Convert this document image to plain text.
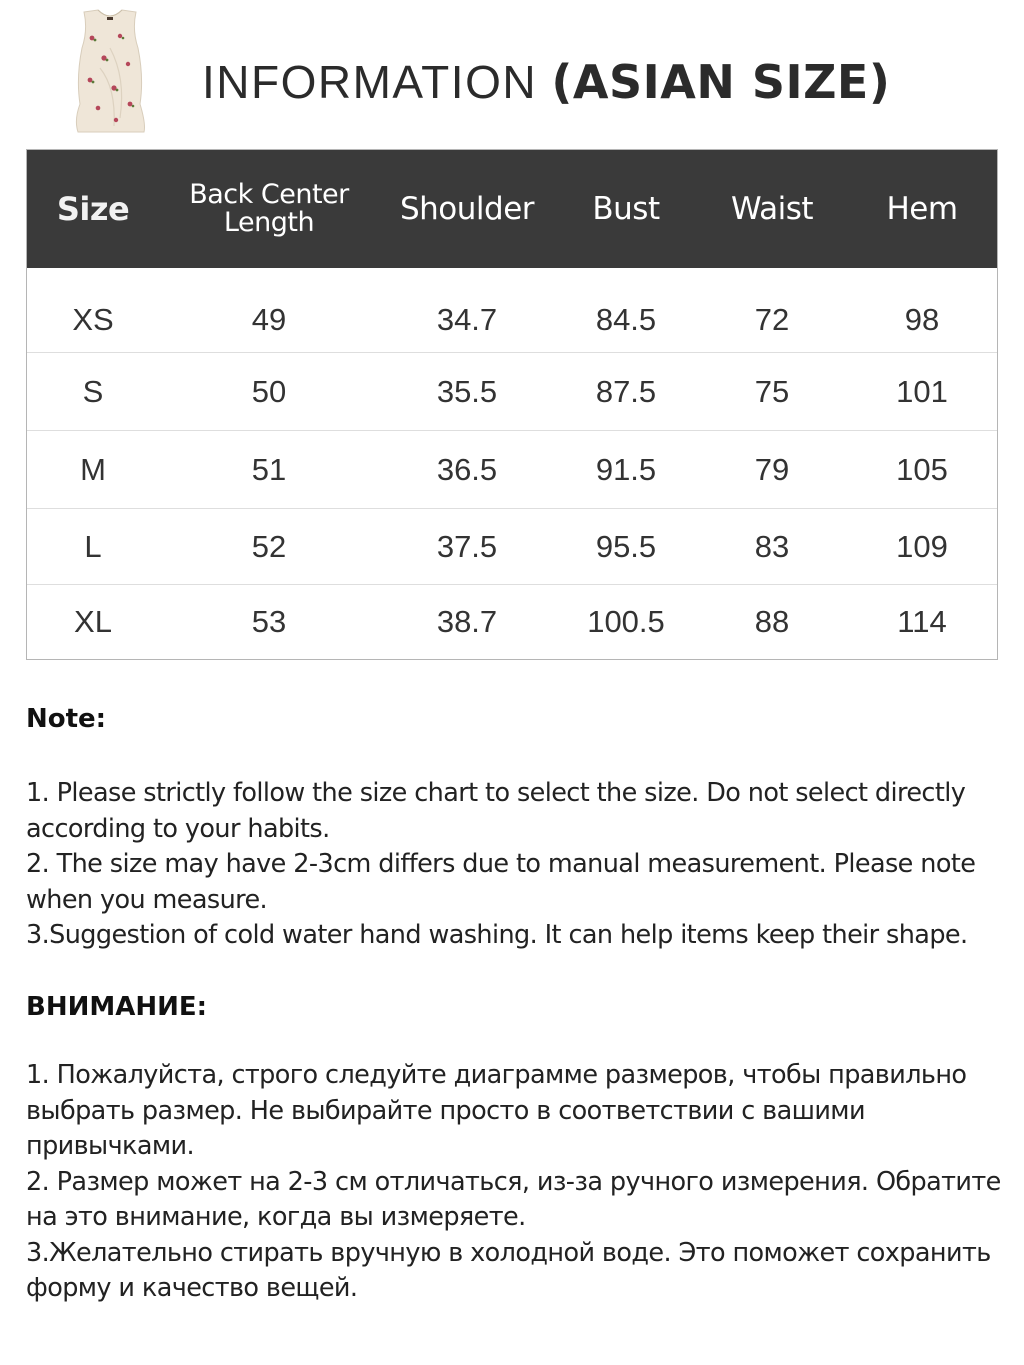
INFORMATION (ASIAN SIZE)
Size	Back Center Length	Shoulder	Bust	Waist	Hem
XS	49	34.7	84.5	72	98
S	50	35.5	87.5	75	101
M	51	36.5	91.5	79	105
L	52	37.5	95.5	83	109
XL	53	38.7	100.5	88	114
Note:
1. Please strictly follow the size chart to select the size. Do not select directly according to your habits.
2. The size may have 2-3cm differs due to manual measurement. Please note when you measure.
3.Suggestion of cold water hand washing. It can help items keep their shape.
ВНИМАНИЕ:
1. Пожалуйста, строго следуйте диаграмме размеров, чтобы правильно выбрать размер. Не выбирайте просто в соответствии с вашими привычками.
2. Размер может на 2-3 см отличаться, из-за ручного измерения. Обратите на это внимание, когда вы измеряете.
3.Желательно стирать вручную в холодной воде. Это поможет сохранить форму и качество вещей.
